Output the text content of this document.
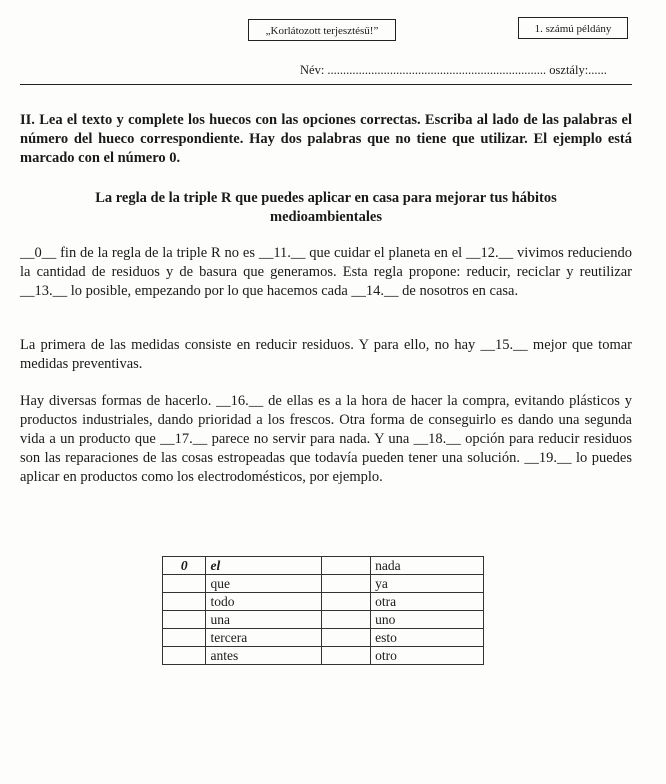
„Korlátozott terjesztésű!”	1. számú példány
Név: ...................................................................... osztály:......
II. Lea el texto y complete los huecos con las opciones correctas. Escriba al lado de las palabras el número del hueco correspondiente. Hay dos palabras que no tiene que utilizar. El ejemplo está marcado con el número 0.
La regla de la triple R que puedes aplicar en casa para mejorar tus hábitos medioambientales
__0__ fin de la regla de la triple R no es __11.__ que cuidar el planeta en el __12.__ vivimos reduciendo la cantidad de residuos y de basura que generamos. Esta regla propone: reducir, reciclar y reutilizar __13.__ lo posible, empezando por lo que hacemos cada __14.__ de nosotros en casa.
La primera de las medidas consiste en reducir residuos. Y para ello, no hay __15.__ mejor que tomar medidas preventivas.
Hay diversas formas de hacerlo. __16.__ de ellas es a la hora de hacer la compra, evitando plásticos y productos industriales, dando prioridad a los frescos. Otra forma de conseguirlo es dando una segunda vida a un producto que __17.__ parece no servir para nada. Y una __18.__ opción para reducir residuos son las reparaciones de las cosas estropeadas que todavía pueden tener una solución. __19.__ lo puedes aplicar en productos como los electrodomésticos, por ejemplo.
0	el		nada
	que		ya
	todo		otra
	una		uno
	tercera		esto
	antes		otro
